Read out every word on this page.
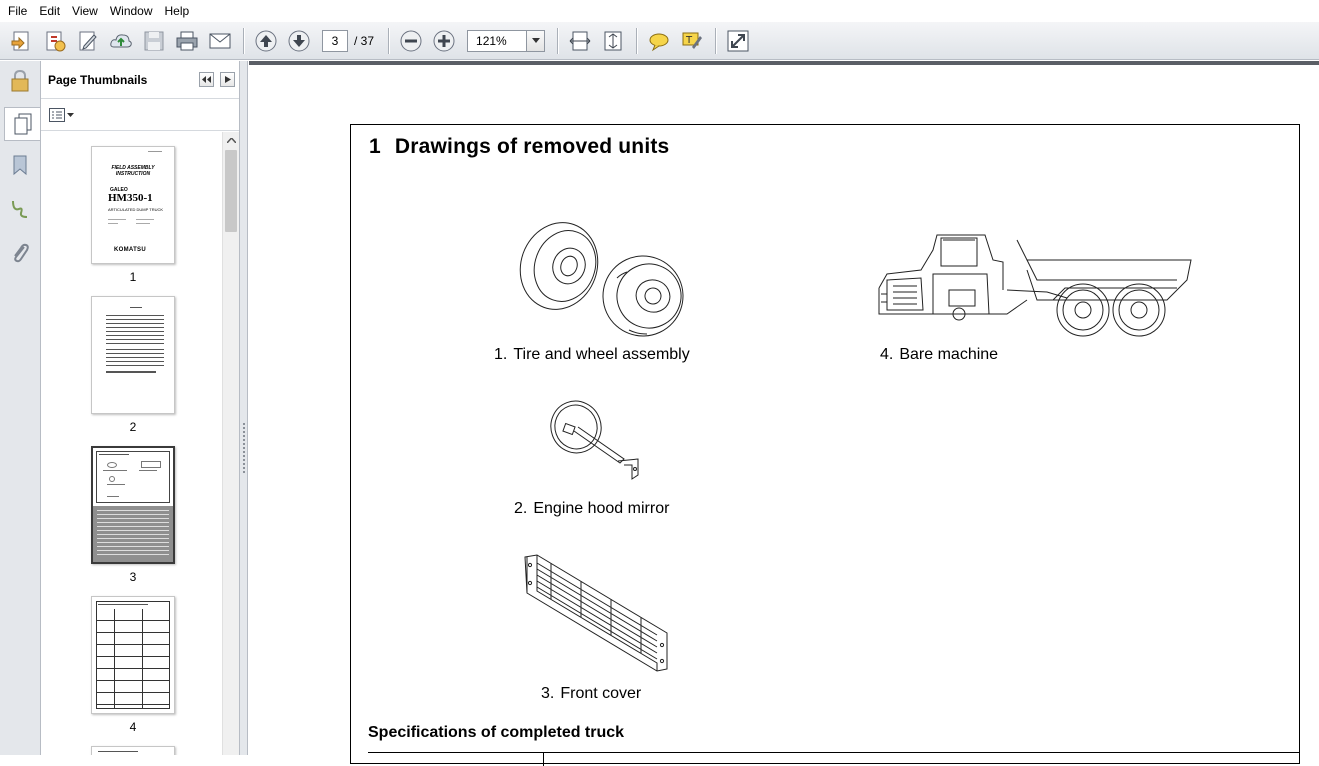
File	Edit	View	Window	Help
3	/ 37	121%	T
Page Thumbnails
FIELD ASSEMBLY INSTRUCTION
GALEO
HM350-1
ARTICULATED DUMP TRUCK
KOMATSU
1
2
3
4
1 Drawings of removed units
1. Tire and wheel assembly	4. Bare machine
2. Engine hood mirror
3. Front cover
Specifications of completed truck
